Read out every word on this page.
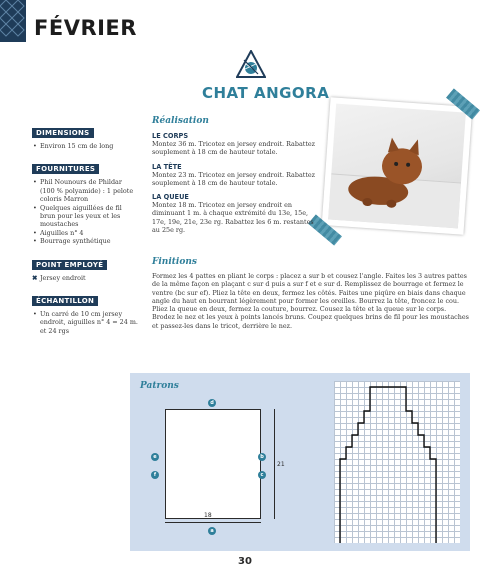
FÉVRIER
CHAT ANGORA
DIMENSIONS
• Environ 15 cm de long
FOURNITURES
• Phil Nounours de Phildar (100 % polyamide) : 1 pelote coloris Marron
• Quelques aiguillées de fil brun pour les yeux et les moustaches
• Aiguilles n° 4
• Bourrage synthétique
POINT EMPLOYÉ
✖ Jersey endroit
ÉCHANTILLON
• Un carré de 10 cm jersey endroit, aiguilles n° 4 = 24 m. et 24 rgs
Réalisation
LE CORPS
Montez 36 m. Tricotez en jersey endroit. Rabattez souplement à 18 cm de hauteur totale.
LA TÊTE
Montez 23 m. Tricotez en jersey endroit. Rabattez souplement à 18 cm de hauteur totale.
LA QUEUE
Montez 18 m. Tricotez en jersey endroit en diminuant 1 m. à chaque extrémité du 13e, 15e, 17e, 19e, 21e, 23e rg. Rabattez les 6 m. restantes au 25e rg.
Finitions
Formez les 4 pattes en pliant le corps : placez a sur b et cousez l'angle. Faites les 3 autres pattes de la même façon en plaçant c sur d puis a sur f et e sur d. Remplissez de bourrage et fermez le ventre (bc sur ef). Pliez la tête en deux, fermez les côtés. Faites une piqûre en biais dans chaque angle du haut en bourrant légèrement pour former les oreilles. Bourrez la tête, froncez le cou. Pliez la queue en deux, fermez la couture, bourrez. Cousez la tête et la queue sur le corps. Brodez le nez et les yeux à points lancés bruns. Coupez quelques brins de fil pour les moustaches et passez-les dans le tricot, derrière le nez.
Patrons
18
21
d
e
f
b
c
a
30
